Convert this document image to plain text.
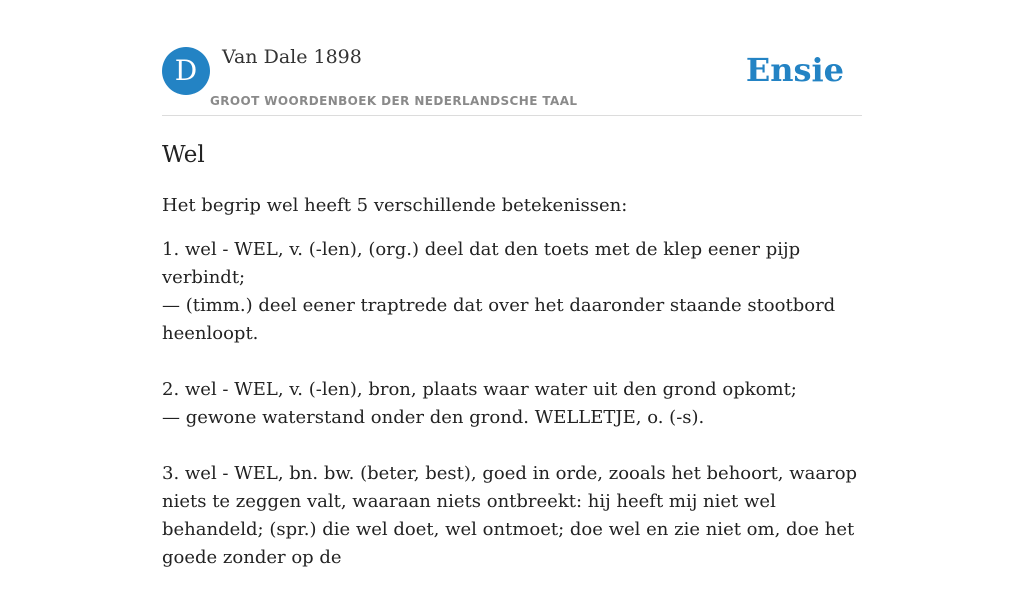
D	Van Dale 1898
GROOT WOORDENBOEK DER NEDERLANDSCHE TAAL
Ensie
Wel

Het begrip wel heeft 5 verschillende betekenissen:

1. wel - WEL, v. (-len), (org.) deel dat den toets met de klep eener pijp verbindt;
— (timm.) deel eener traptrede dat over het daaronder staande stootbord heenloopt.
2. wel - WEL, v. (-len), bron, plaats waar water uit den grond opkomt;
— gewone waterstand onder den grond. WELLETJE, o. (-s).
3. wel - WEL, bn. bw. (beter, best), goed in orde, zooals het behoort, waarop niets te zeggen valt, waaraan niets ontbreekt: hij heeft mij niet wel behandeld; (spr.) die wel doet, wel ontmoet; doe wel en zie niet om, doe het goede zonder op de
